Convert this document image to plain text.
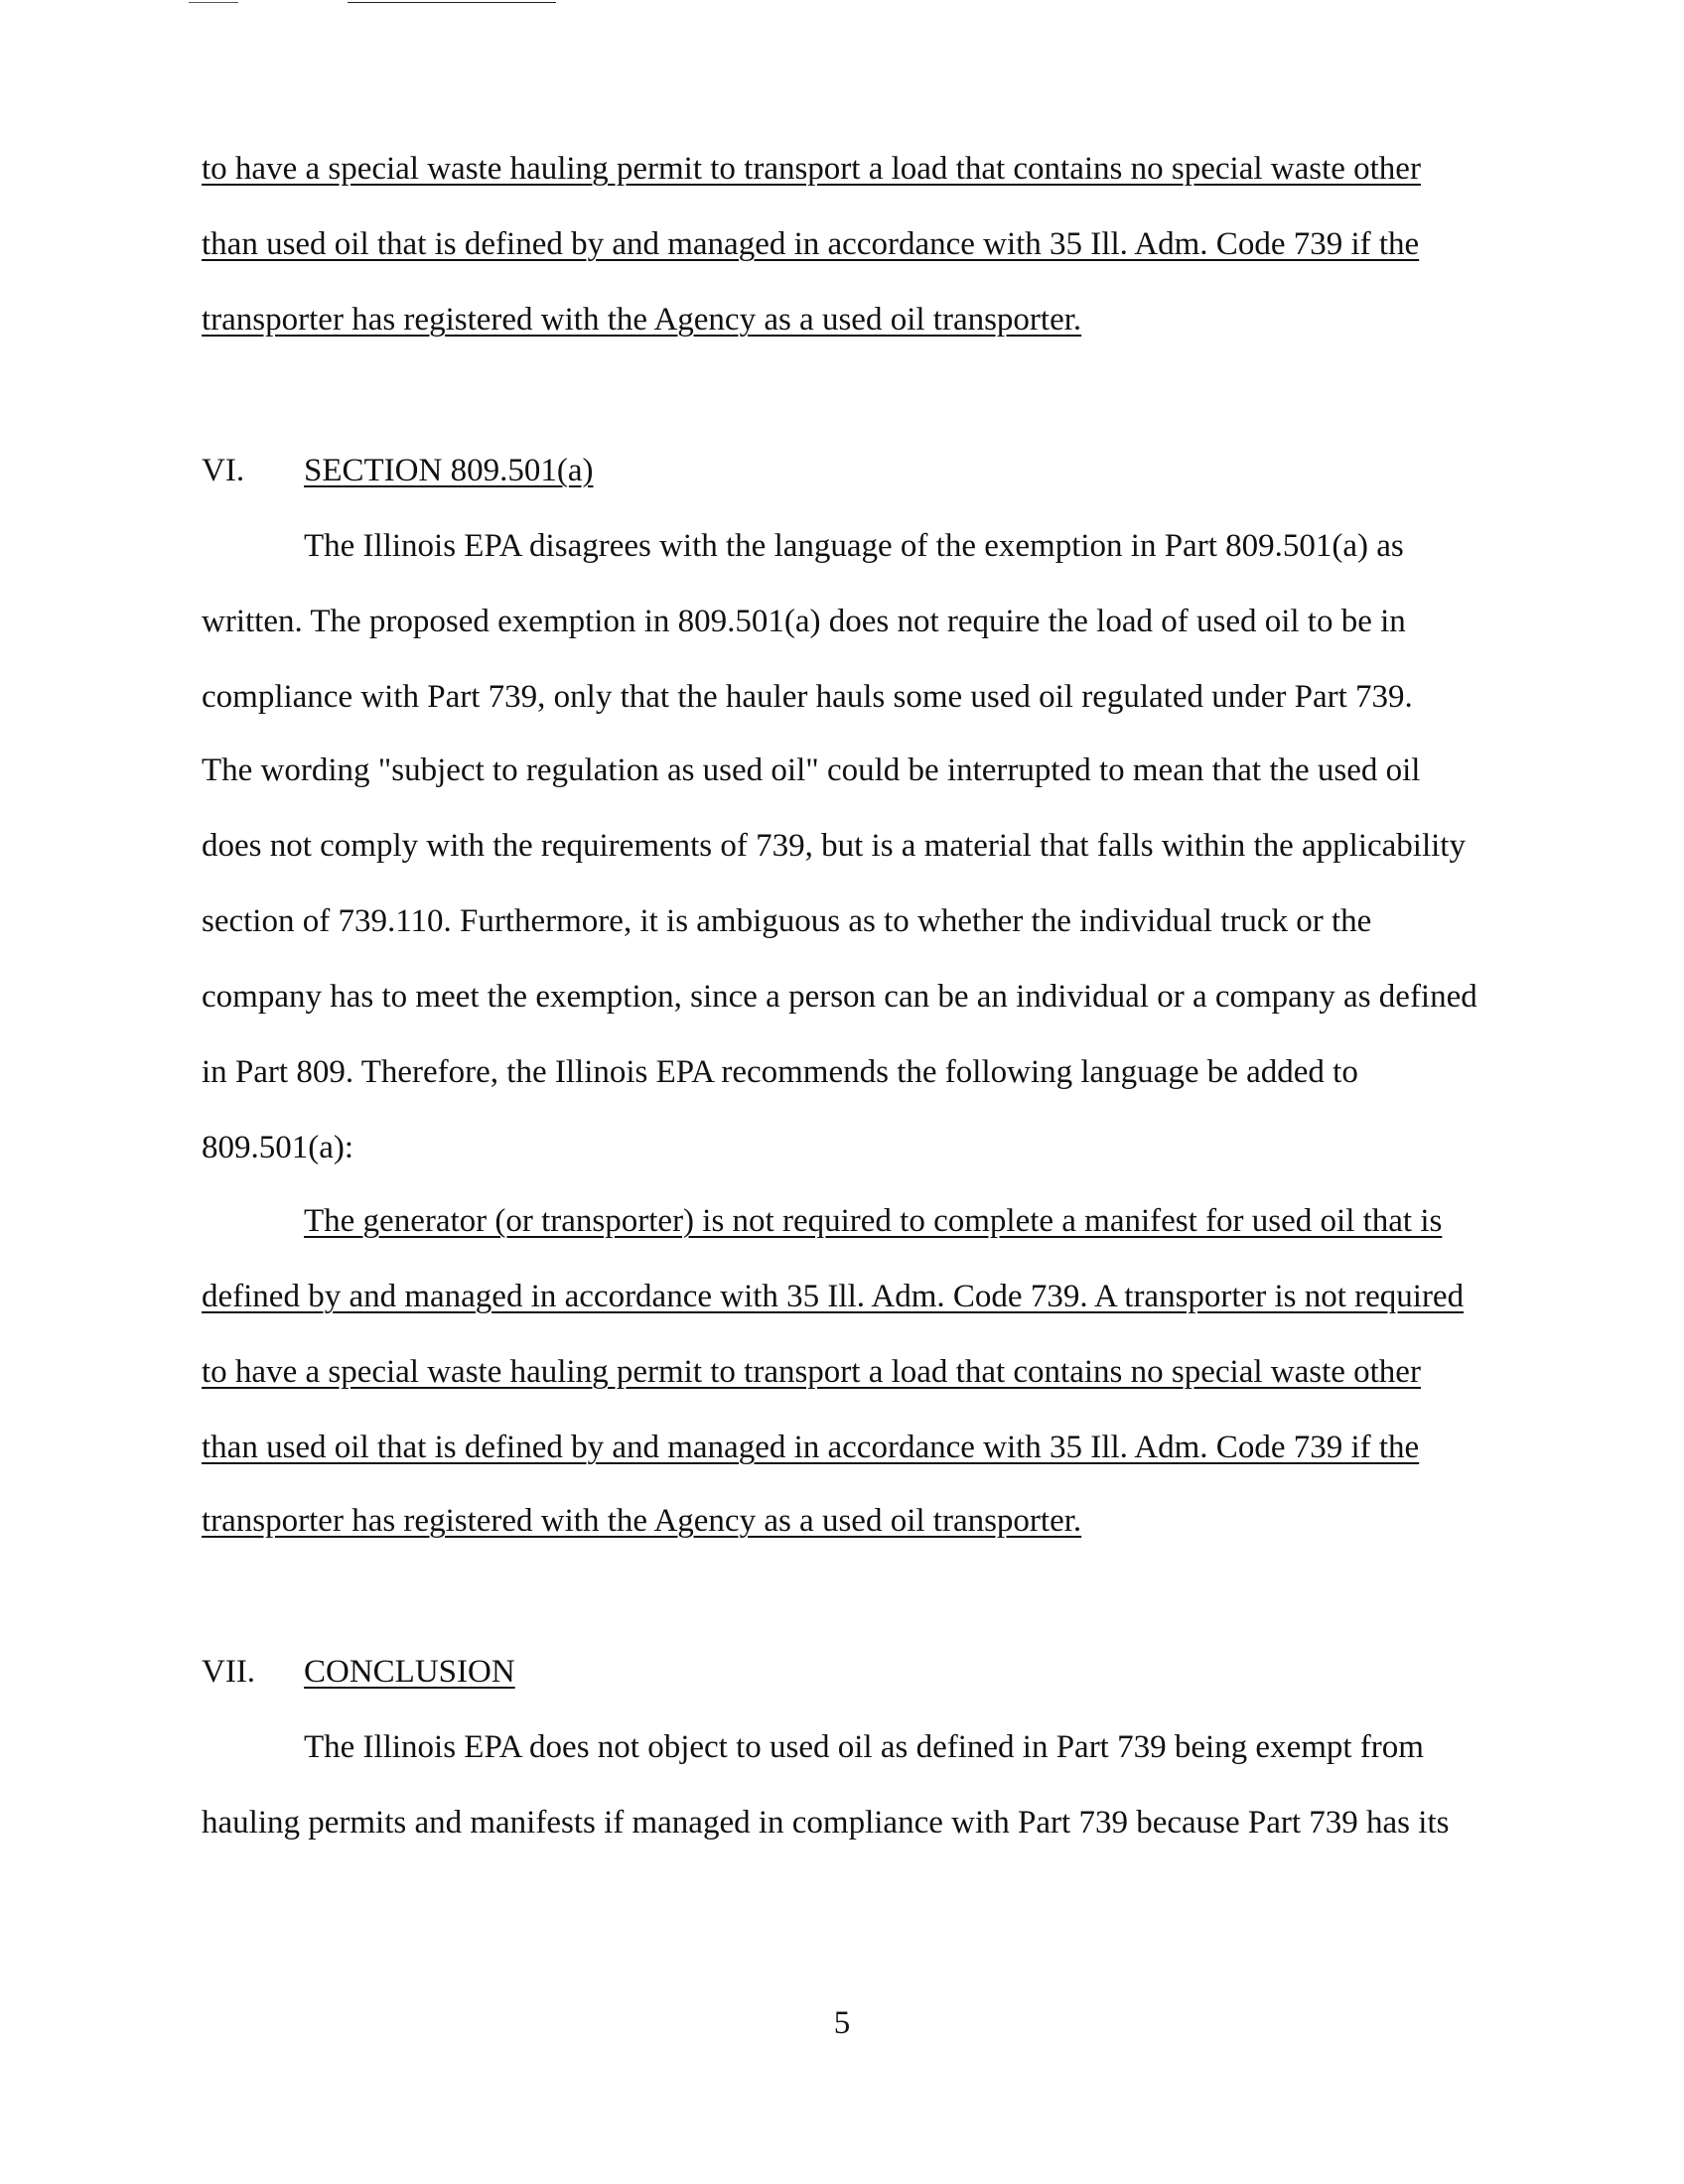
to have a special waste hauling permit to transport a load that contains no special waste other
than used oil that is defined by and managed in accordance with 35 Ill. Adm. Code 739 if the
transporter has registered with the Agency as a used oil transporter.
VI. SECTION 809.501(a)
The Illinois EPA disagrees with the language of the exemption in Part 809.501(a) as
written. The proposed exemption in 809.501(a) does not require the load of used oil to be in
compliance with Part 739, only that the hauler hauls some used oil regulated under Part 739.
The wording "subject to regulation as used oil" could be interrupted to mean that the used oil
does not comply with the requirements of 739, but is a material that falls within the applicability
section of 739.110. Furthermore, it is ambiguous as to whether the individual truck or the
company has to meet the exemption, since a person can be an individual or a company as defined
in Part 809. Therefore, the Illinois EPA recommends the following language be added to
809.501(a):
The generator (or transporter) is not required to complete a manifest for used oil that is
defined by and managed in accordance with 35 Ill. Adm. Code 739. A transporter is not required
to have a special waste hauling permit to transport a load that contains no special waste other
than used oil that is defined by and managed in accordance with 35 Ill. Adm. Code 739 if the
transporter has registered with the Agency as a used oil transporter.
VII. CONCLUSION
The Illinois EPA does not object to used oil as defined in Part 739 being exempt from
hauling permits and manifests if managed in compliance with Part 739 because Part 739 has its
5
